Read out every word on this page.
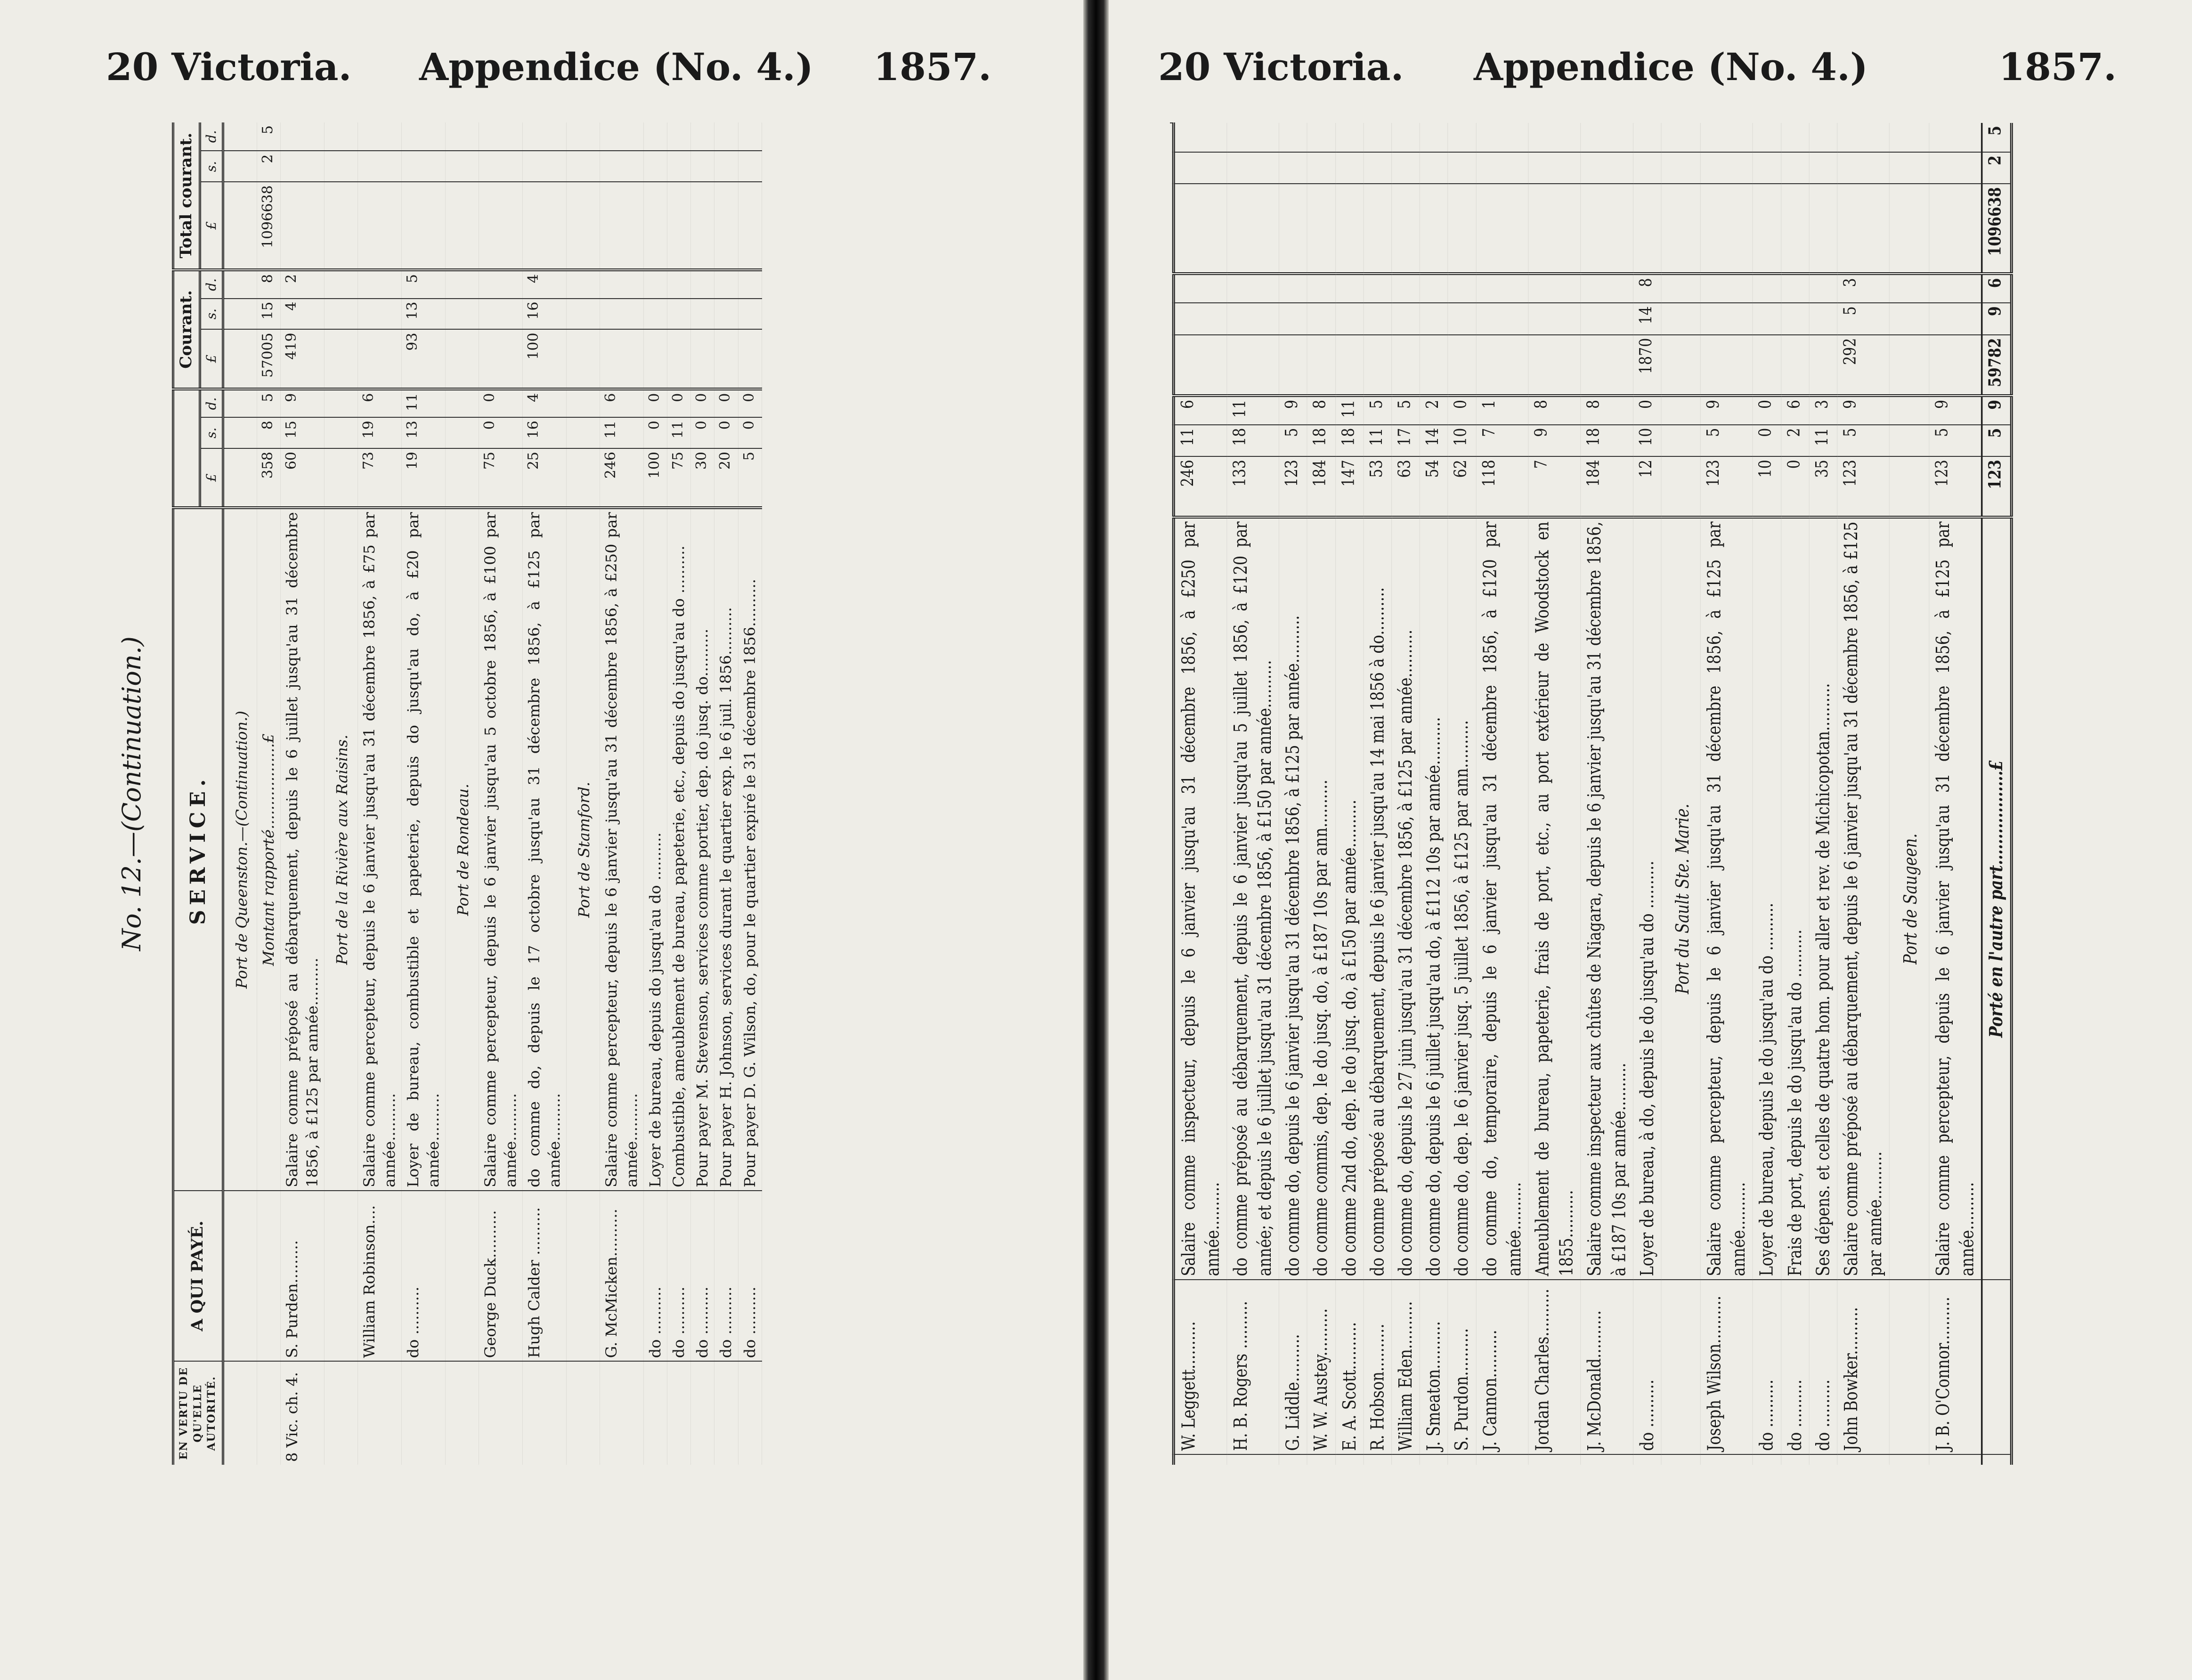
20 Victoria. Appendice (No. 4.) 1857.
No. 12.—(Continuation.)
EN VERTU DE QU'ELLE AUTORITÉ.	A QUI PAYÉ.	SERVICE.				Courant.			Total courant.		
			£	s.	d.	£	s.	d.	£	s.	d.
		Port de Queenston.—(Continuation.)									
		Montant rapporté..................£	358	8	5	57005	15	8	1096638	2	5
8 Vic. ch. 4.	S. Purden.........	Salaire comme préposé au débarquement, depuis le 6 juillet jusqu'au 31 décembre 1856, à £125 par année..........	60	15	9	419	4	2			
		Port de la Rivière aux Raisins.									
	William Robinson....	Salaire comme percepteur, depuis le 6 janvier jusqu'au 31 décembre 1856, à £75 par année..........	73	19	6						
	do ..........	Loyer de bureau, combustible et papeterie, depuis do jusqu'au do, à £20 par année..........	19	13	11	93	13	5			
		Port de Rondeau.									
	George Duck..........	Salaire comme percepteur, depuis le 6 janvier jusqu'au 5 octobre 1856, à £100 par année..........	75	0	0						
	Hugh Calder ..........	do comme do, depuis le 17 octobre jusqu'au 31 décembre 1856, à £125 par année..........	25	16	4	100	16	4			
		Port de Stamford.									
	G. McMicken..........	Salaire comme percepteur, depuis le 6 janvier jusqu'au 31 décembre 1856, à £250 par année..........	246	11	6						
	do ..........	Loyer de bureau, depuis do jusqu'au do ..........	100	0	0						
	do ..........	Combustible, ameublement de bureau, papeterie, etc., depuis do jusqu'au do ..........	75	11	0						
	do ..........	Pour payer M. Stevenson, services comme portier, dep. do jusq. do..........	30	0	0						
	do ..........	Pour payer H. Johnson, services durant le quartier exp. le 6 juil. 1856..........	20	0	0						
	do ..........	Pour payer D. G. Wilson, do, pour le quartier expiré le 31 décembre 1856..........	5	0	0						
20 Victoria. Appendice (No. 4.)	1857.

	W. Leggett..........	Salaire comme inspecteur, depuis le 6 janvier jusqu'au 31 décembre 1856, à £250 par année..........	246	11	6						
	H. B. Rogers ..........	do comme préposé au débarquement, depuis le 6 janvier jusqu'au 5 juillet 1856, à £120 par année; et depuis le 6 juillet jusqu'au 31 décembre 1856, à £150 par année..........	133	18	11						
	G. Liddle..........	do comme do, depuis le 6 janvier jusqu'au 31 décembre 1856, à £125 par année..........	123	5	9						
	W. W. Austey..........	do comme commis, dep. le do jusq. do, à £187 10s par ann..........	184	18	8						
	E. A. Scott..........	do comme 2nd do, dep. le do jusq. do, à £150 par année..........	147	18	11						
	R. Hobson..........	do comme préposé au débarquement, depuis le 6 janvier jusqu'au 14 mai 1856 à do..........	53	11	5						
	William Eden..........	do comme do, depuis le 27 juin jusqu'au 31 décembre 1856, à £125 par année..........	63	17	5						
	J. Smeaton..........	do comme do, depuis le 6 juillet jusqu'au do, à £112 10s par année..........	54	14	2						
	S. Purdon..........	do comme do, dep. le 6 janvier jusq. 5 juillet 1856, à £125 par ann..........	62	10	0						
	J. Cannon..........	do comme do, temporaire, depuis le 6 janvier jusqu'au 31 décembre 1856, à £120 par année..........	118	7	1						
	Jordan Charles..........	Ameublement de bureau, papeterie, frais de port, etc., au port extérieur de Woodstock en 1855..........	7	9	8						
	J. McDonald..........	Salaire comme inspecteur aux chûtes de Niagara, depuis le 6 janvier jusqu'au 31 décembre 1856, à £187 10s par année..........	184	18	8						
	do ..........	Loyer de bureau, à do, depuis le do jusqu'au do ..........	12	10	0	1870	14	8			
		Port du Sault Ste. Marie.									
	Joseph Wilson..........	Salaire comme percepteur, depuis le 6 janvier jusqu'au 31 décembre 1856, à £125 par année..........	123	5	9						
	do ..........	Loyer de bureau, depuis le do jusqu'au do ..........	10	0	0						
	do ..........	Frais de port, depuis le do jusqu'au do ..........	0	2	6						
	do ..........	Ses dépens. et celles de quatre hom. pour aller et rev. de Michicopotan..........	35	11	3						
	John Bowker..........	Salaire comme préposé au débarquement, depuis le 6 janvier jusqu'au 31 décembre 1856, à £125 par année..........	123	5	9	292	5	3			
		Port de Saugeen.									
	J. B. O'Connor..........	Salaire comme percepteur, depuis le 6 janvier jusqu'au 31 décembre 1856, à £125 par année..........	123	5	9						
		Porté en l'autre part..................£	123	5	9	59782	9	6	1096638	2	5
